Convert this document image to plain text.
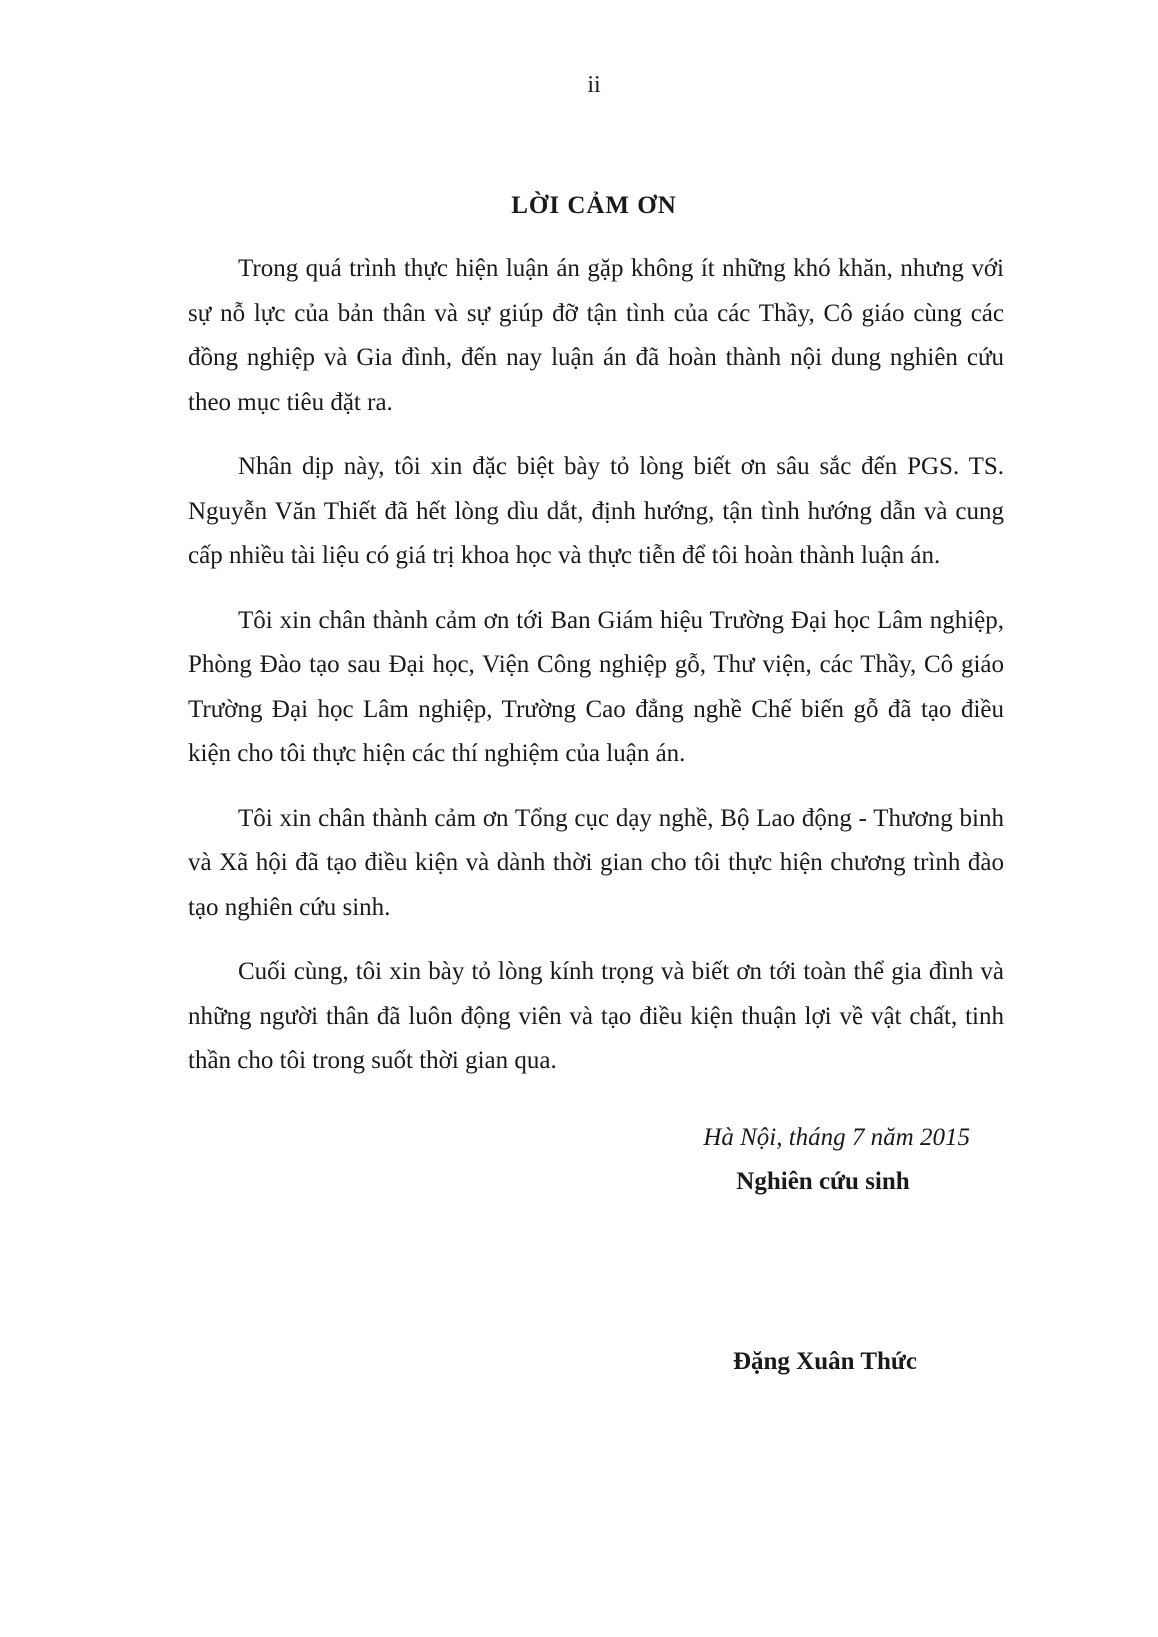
ii
LỜI CẢM ƠN

Trong quá trình thực hiện luận án gặp không ít những khó khăn, nhưng với sự nỗ lực của bản thân và sự giúp đỡ tận tình của các Thầy, Cô giáo cùng các đồng nghiệp và Gia đình, đến nay luận án đã hoàn thành nội dung nghiên cứu theo mục tiêu đặt ra.

Nhân dịp này, tôi xin đặc biệt bày tỏ lòng biết ơn sâu sắc đến PGS. TS. Nguyễn Văn Thiết đã hết lòng dìu dắt, định hướng, tận tình hướng dẫn và cung cấp nhiều tài liệu có giá trị khoa học và thực tiễn để tôi hoàn thành luận án.

Tôi xin chân thành cảm ơn tới Ban Giám hiệu Trường Đại học Lâm nghiệp, Phòng Đào tạo sau Đại học, Viện Công nghiệp gỗ, Thư viện, các Thầy, Cô giáo Trường Đại học Lâm nghiệp, Trường Cao đẳng nghề Chế biến gỗ đã tạo điều kiện cho tôi thực hiện các thí nghiệm của luận án.

Tôi xin chân thành cảm ơn Tổng cục dạy nghề, Bộ Lao động - Thương binh và Xã hội đã tạo điều kiện và dành thời gian cho tôi thực hiện chương trình đào tạo nghiên cứu sinh.

Cuối cùng, tôi xin bày tỏ lòng kính trọng và biết ơn tới toàn thể gia đình và những người thân đã luôn động viên và tạo điều kiện thuận lợi về vật chất, tinh thần cho tôi trong suốt thời gian qua.

Hà Nội, tháng 7 năm 2015
Nghiên cứu sinh
Đặng Xuân Thức
